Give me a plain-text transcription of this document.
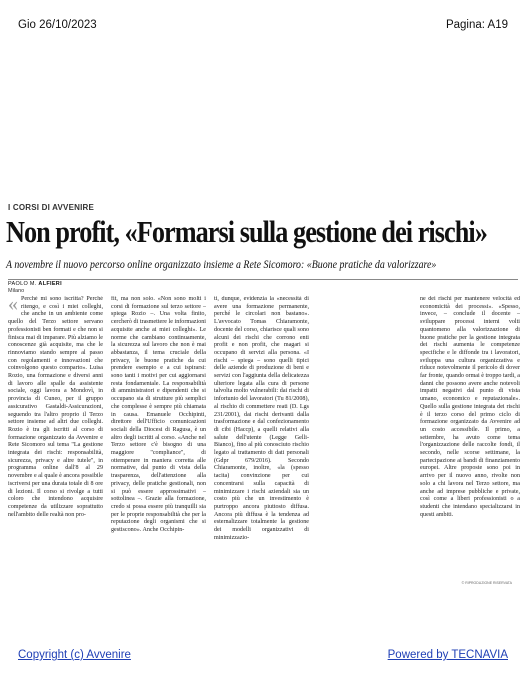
Gio 26/10/2023	Pagina: A19
I CORSI DI AVVENIRE
Non profit, «Formarsi sulla gestione dei rischi»
A novembre il nuovo percorso online organizzato insieme a Rete Sicomoro: «Buone pratiche da valorizzare»
PAOLO M. ALFIERI
Milano
« Perché mi sono iscritta? Perché ritengo, e così i miei colleghi, che anche in un ambiente come quello del Terzo settore servano professionisti ben formati e che non si finisca mai di imparare. Più alziamo le conoscenze già acquisite, ma che le rinnoviamo stando sempre al passo con regolamenti e innovazioni che coinvolgono questo comparto». Luisa Rozio, una formazione e diversi anni di lavoro alle spalle da assistente sociale, oggi lavora a Mondovì, in provincia di Cuneo, per il gruppo assicurativo Gastaldi-Assicurazioni, seguendo tra l'altro proprio il Terzo settore insieme ad altri due colleghi. Rozio è tra gli iscritti al corso di formazione organizzato da Avvenire e Rete Sicomoro sul tema "La gestione integrata dei rischi: responsabilità, sicurezza, privacy e altre tutele", in programma online dall'8 al 29 novembre e al quale è ancora possibile iscriversi per una durata totale di 8 ore di lezioni. Il corso si rivolge a tutti coloro che intendono acquisire competenze da utilizzare soprattutto nell'ambito delle realtà non pro-

fit, ma non solo. «Non sono molti i corsi di formazione sul terzo settore – spiega Rozio –. Una volta finito, cercherò di trasmettere le informazioni acquisite anche ai miei colleghi». Le norme che cambiano continuamente, la sicurezza sul lavoro che non è mai abbastanza, il tema cruciale della privacy, le buone pratiche da cui prendere esempio e a cui ispirarsi: sono tanti i motivi per cui aggiornarsi resta fondamentale. La responsabilità di amministratori e dipendenti che si occupano sia di strutture più semplici che complesse è sempre più chiamata in causa. Emanuele Occhipinti, direttore dell'Ufficio comunicazioni sociali della Diocesi di Ragusa, è un altro degli iscritti al corso. «Anche nel Terzo settore c'è bisogno di una maggiore "compliance", di ottemperare in maniera corretta alle normative, dal punto di vista della trasparenza, dell'attenzione alla privacy, delle pratiche gestionali, non si può essere approssimativi – sottolinea –. Grazie alla formazione, credo si possa essere più tranquilli sia per le proprie responsabilità che per la reputazione degli organismi che si gestiscono». Anche Occhipin-

ti, dunque, evidenzia la «necessità di avere una formazione permanente, perché le circolari non bastano». L'avvocato Tomas Chiaramonte, docente del corso, chiarisce quali sono alcuni dei rischi che corrono enti profit e non profit, che magari si occupano di servizi alla persona. «I rischi – spiega – sono quelli tipici delle aziende di produzione di beni e servizi con l'aggiunta della delicatezza ulteriore legata alla cura di persone talvolta molto vulnerabili: dai rischi di infortunio del lavoratori (Tu 81/2008), al rischio di commettere reati (D. Lgs 231/2001), dai rischi derivanti dalla trasformazione e dal confezionamento di cibi (Haccp), a quelli relativi alla salute dell'utente (Legge Gelli-Bianco), fino al più conosciuto rischio legato al trattamento di dati personali (Gdpr 679/2016). Secondo Chiaramonte, inoltre, «la (spesso tacita) convinzione per cui concentrarsi sulla capacità di minimizzare i rischi aziendali sia un costo più che un investimento è purtroppo ancora piuttosto diffusa. Ancora più diffusa è la tendenza ad esternalizzare totalmente la gestione dei modelli organizzativi di minimizzazio-

ne dei rischi per mantenere velocità ed economicità dei processi». «Spesso, invece, – conclude il docente – sviluppare processi interni volti quantomeno alla valorizzazione di buone pratiche per la gestione integrata dei rischi aumenta le competenze specifiche e le diffonde tra i lavoratori, sviluppa una cultura organizzativa e riduce notevolmente il pericolo di dover far fronte, quando ormai è troppo tardi, a danni che possono avere anche notevoli impatti negativi dal punto di vista umano, economico e reputazionale». Quello sulla gestione integrata dei rischi è il terzo corso del primo ciclo di formazione organizzato da Avvenire ad un costo accessibile. Il primo, a settembre, ha avuto come tema l'organizzazione delle raccolte fondi, il secondo, nelle scorse settimane, la partecipazione ai bandi di finanziamento europei. Altre proposte sono poi in arrivo per il nuovo anno, rivolte non solo a chi lavora nel Terzo settore, ma anche ad imprese pubbliche e private, così come a liberi professionisti o a studenti che intendano specializzarsi in questi ambiti.

© RIPRODUZIONE RISERVATA
Copyright (c) Avvenire	Powered by TECNAVIA
